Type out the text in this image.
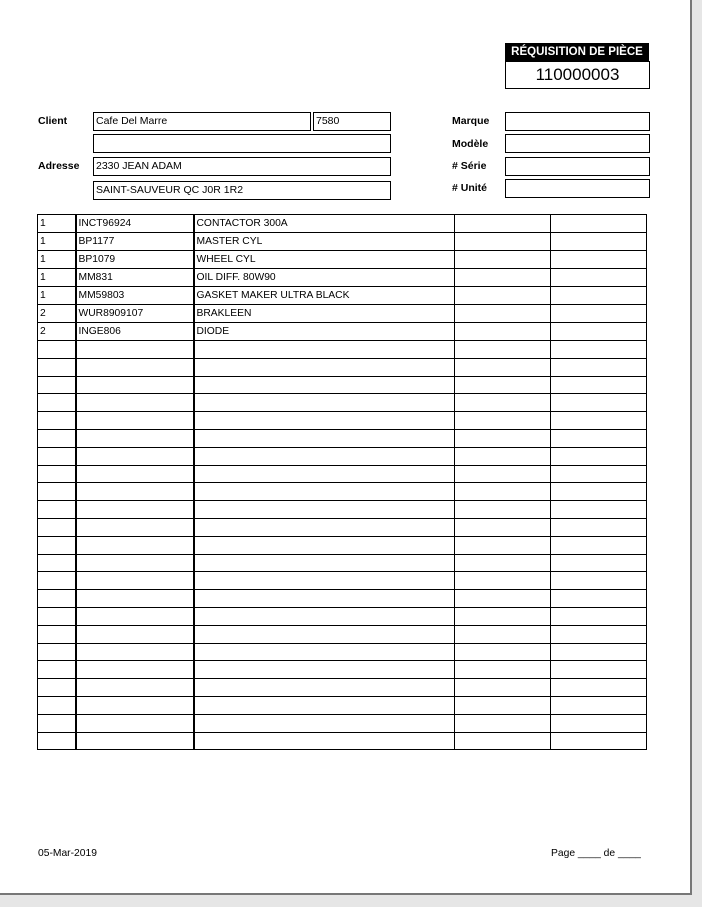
RÉQUISITION DE PIÈCE
110000003
Client	Cafe Del Marre	7580
Adresse 2330 JEAN ADAM
SAINT-SAUVEUR QC J0R 1R2
Marque
Modèle
# Série
# Unité
1	INCT96924	CONTACTOR 300A		
1	BP1177	MASTER CYL		
1	BP1079	WHEEL CYL		
1	MM831	OIL DIFF. 80W90		
1	MM59803	GASKET MAKER ULTRA BLACK		
2	WUR8909107	BRAKLEEN		
2	INGE806	DIODE		

05-Mar-2019	Page ____ de ____
